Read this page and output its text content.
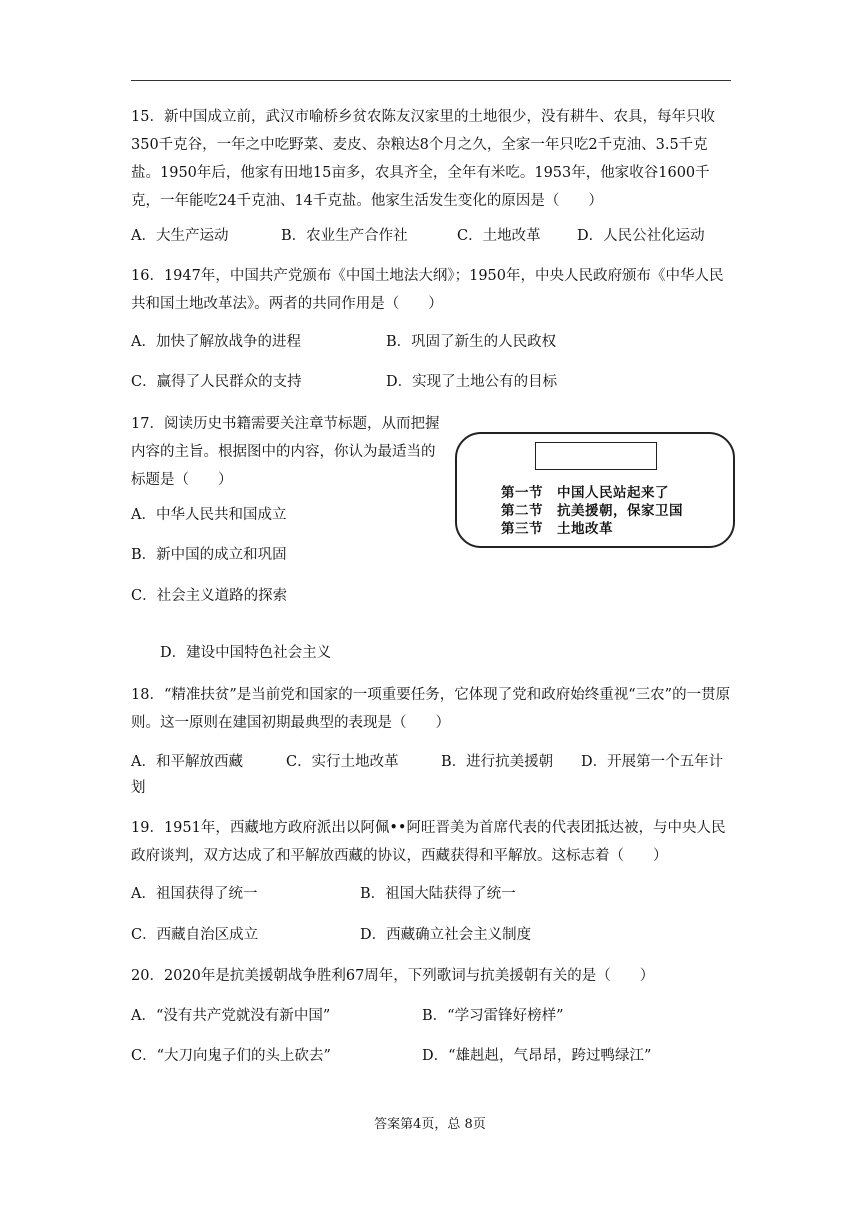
15．新中国成立前，武汉市喻桥乡贫农陈友汉家里的土地很少，没有耕牛、农具，每年只收350千克谷，一年之中吃野菜、麦皮、杂粮达8个月之久，全家一年只吃2千克油、3.5千克盐。1950年后，他家有田地15亩多，农具齐全，全年有米吃。1953年，他家收谷1600千克，一年能吃24千克油、14千克盐。他家生活发生变化的原因是（　　）
A．大生产运动	B．农业生产合作社	C．土地改革	D．人民公社化运动
16．1947年，中国共产党颁布《中国土地法大纲》；1950年，中央人民政府颁布《中华人民共和国土地改革法》。两者的共同作用是（　　）
A．加快了解放战争的进程	B．巩固了新生的人民政权
C．赢得了人民群众的支持	D．实现了土地公有的目标
17．阅读历史书籍需要关注章节标题，从而把握内容的主旨。根据图中的内容，你认为最适当的标题是（　　）
第一节　中国人民站起来了
第二节　抗美援朝，保家卫国
第三节　土地改革
A．中华人民共和国成立
B．新中国的成立和巩固
C．社会主义道路的探索
D．建设中国特色社会主义
18．“精准扶贫”是当前党和国家的一项重要任务，它体现了党和政府始终重视“三农”的一贯原则。这一原则在建国初期最典型的表现是（　　）
A．和平解放西藏	C．实行土地改革	B．进行抗美援朝 D．开展第一个五年计
划
19．1951年，西藏地方政府派出以阿佩••阿旺晋美为首席代表的代表团抵达被，与中央人民政府谈判，双方达成了和平解放西藏的协议，西藏获得和平解放。这标志着（　　）
A．祖国获得了统一	B．祖国大陆获得了统一
C．西藏自治区成立	D．西藏确立社会主义制度
20．2020年是抗美援朝战争胜利67周年，下列歌词与抗美援朝有关的是（　　）
A．“没有共产党就没有新中国”	B．“学习雷锋好榜样”
C．“大刀向鬼子们的头上砍去”	D．“雄赳赳，气昂昂，跨过鸭绿江”
答案第4页，总 8页
